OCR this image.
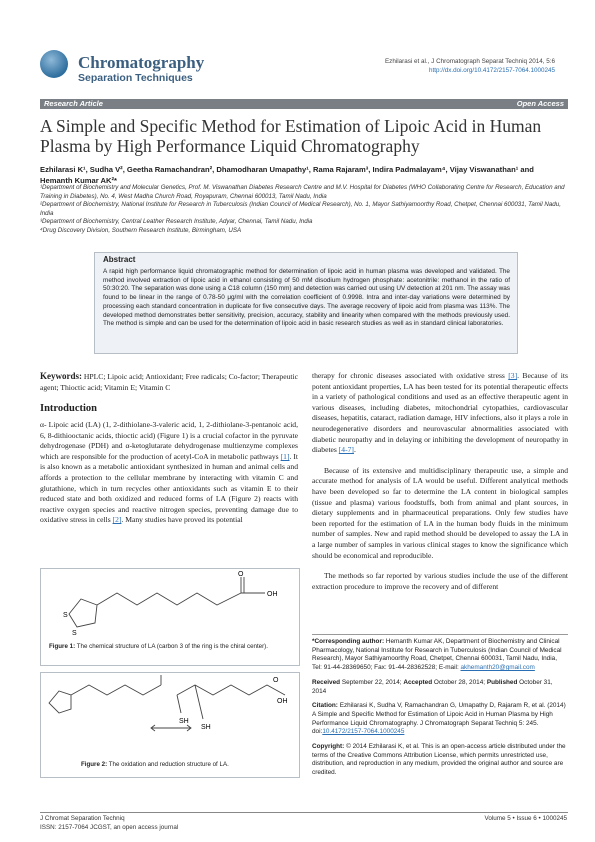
Chromatography
Separation Techniques
Ezhilarasi et al., J Chromatograph Separat Techniq 2014, 5:6
http://dx.doi.org/10.4172/2157-7064.1000245
Research Article	Open Access
A Simple and Specific Method for Estimation of Lipoic Acid in Human Plasma by High Performance Liquid Chromatography
Ezhilarasi K¹, Sudha V², Geetha Ramachandran², Dhamodharan Umapathy¹, Rama Rajaram³, Indira Padmalayam⁴, Vijay Viswanathan¹ and Hemanth Kumar AK²*
¹Department of Biochemistry and Molecular Genetics, Prof. M. Viswanathan Diabetes Research Centre and M.V. Hospital for Diabetes (WHO Collaborating Centre for Research, Education and Training in Diabetes), No. 4, West Madha Church Road, Royapuram, Chennai 600013, Tamil Nadu, India
²Department of Biochemistry, National Institute for Research in Tuberculosis (Indian Council of Medical Research), No. 1, Mayor Sathiyamoorthy Road, Chetpet, Chennai 600031, Tamil Nadu, India
³Department of Biochemistry, Central Leather Research Institute, Adyar, Chennai, Tamil Nadu, India
⁴Drug Discovery Division, Southern Research Institute, Birmingham, USA
Abstract
A rapid high performance liquid chromatographic method for determination of lipoic acid in human plasma was developed and validated. The method involved extraction of lipoic acid in ethanol consisting of 50 mM disodium hydrogen phosphate: acetonitrile: methanol in the ratio of 50:30:20. The separation was done using a C18 column (150 mm) and detection was carried out using UV detection at 201 nm. The assay was found to be linear in the range of 0.78-50 μg/ml with the correlation coefficient of 0.9998. Intra and inter-day variations were determined by processing each standard concentration in duplicate for five consecutive days. The average recovery of lipoic acid from plasma was 113%. The developed method demonstrates better sensitivity, precision, accuracy, stability and linearity when compared with the methods previously used. The method is simple and can be used for the determination of lipoic acid in basic research studies as well as in standard clinical laboratories.
Keywords: HPLC; Lipoic acid; Antioxidant; Free radicals; Co-factor; Therapeutic agent; Thioctic acid; Vitamin E; Vitamin C
Introduction
α- Lipoic acid (LA) (1, 2-dithiolane-3-valeric acid, 1, 2-dithiolane-3-pentanoic acid, 6, 8-dithiooctanic acids, thioctic acid) (Figure 1) is a crucial cofactor in the pyruvate dehydrogenase (PDH) and α-ketoglutarate dehydrogenase multienzyme complexes which are responsible for the production of acetyl-CoA in metabolic pathways [1]. It is also known as a metabolic antioxidant synthesized in human and animal cells and affords a protection to the cellular membrane by interacting with vitamin C and glutathione, which in turn recycles other antioxidants such as vitamin E to their reduced state and both oxidized and reduced forms of LA (Figure 2) reacts with reactive oxygen species and reactive nitrogen species, preventing damage due to oxidative stress in cells [2]. Many studies have proved its potential
S
S
O
OH
Figure 1: The chemical structure of LA (carbon 3 of the ring is the chiral center).
SH
SH
O
OH
Figure 2: The oxidation and reduction structure of LA.

therapy for chronic diseases associated with oxidative stress [3]. Because of its potent antioxidant properties, LA has been tested for its potential therapeutic effects in a variety of pathological conditions and used as an effective therapeutic agent in various diseases, including diabetes, mitochondrial cytopathies, cardiovascular diseases, hepatitis, cataract, radiation damage, HIV infections, also it plays a role in neurodegenerative disorders and neurovascular abnormalities associated with diabetic neuropathy and in delaying or inhibiting the development of neuropathy in diabetes [4-7].

Because of its extensive and multidisciplinary therapeutic use, a simple and accurate method for analysis of LA would be useful. Different analytical methods have been developed so far to determine the LA content in biological samples (tissue and plasma) various foodstuffs, both from animal and plant sources, in dietary supplements and in pharmaceutical preparations. Only few studies have been reported for the estimation of LA in the human body fluids in the minimum number of samples. New and rapid method should be developed to assay the LA in a large number of samples in various clinical stages to know the significance which should be economical and reproducible.

The methods so far reported by various studies include the use of the different extraction procedure to improve the recovery and of different

*Corresponding author: Hemanth Kumar AK, Department of Biochemistry and Clinical Pharmacology, National Institute for Research in Tuberculosis (Indian Council of Medical Research), Mayor Sathiyamoorthy Road, Chetpet, Chennai 600031, Tamil Nadu, India, Tel: 91-44-28369650; Fax: 91-44-28362528; E-mail: akhemanth20@gmail.com

Received September 22, 2014; Accepted October 28, 2014; Published October 31, 2014

Citation: Ezhilarasi K, Sudha V, Ramachandran G, Umapathy D, Rajaram R, et al. (2014) A Simple and Specific Method for Estimation of Lipoic Acid in Human Plasma by High Performance Liquid Chromatography. J Chromatograph Separat Techniq 5: 245. doi:10.4172/2157-7064.1000245

Copyright: © 2014 Ezhilarasi K, et al. This is an open-access article distributed under the terms of the Creative Commons Attribution License, which permits unrestricted use, distribution, and reproduction in any medium, provided the original author and source are credited.

J Chromat Separation Techniq
ISSN: 2157-7064 JCGST, an open access journal
Volume 5 • Issue 6 • 1000245
